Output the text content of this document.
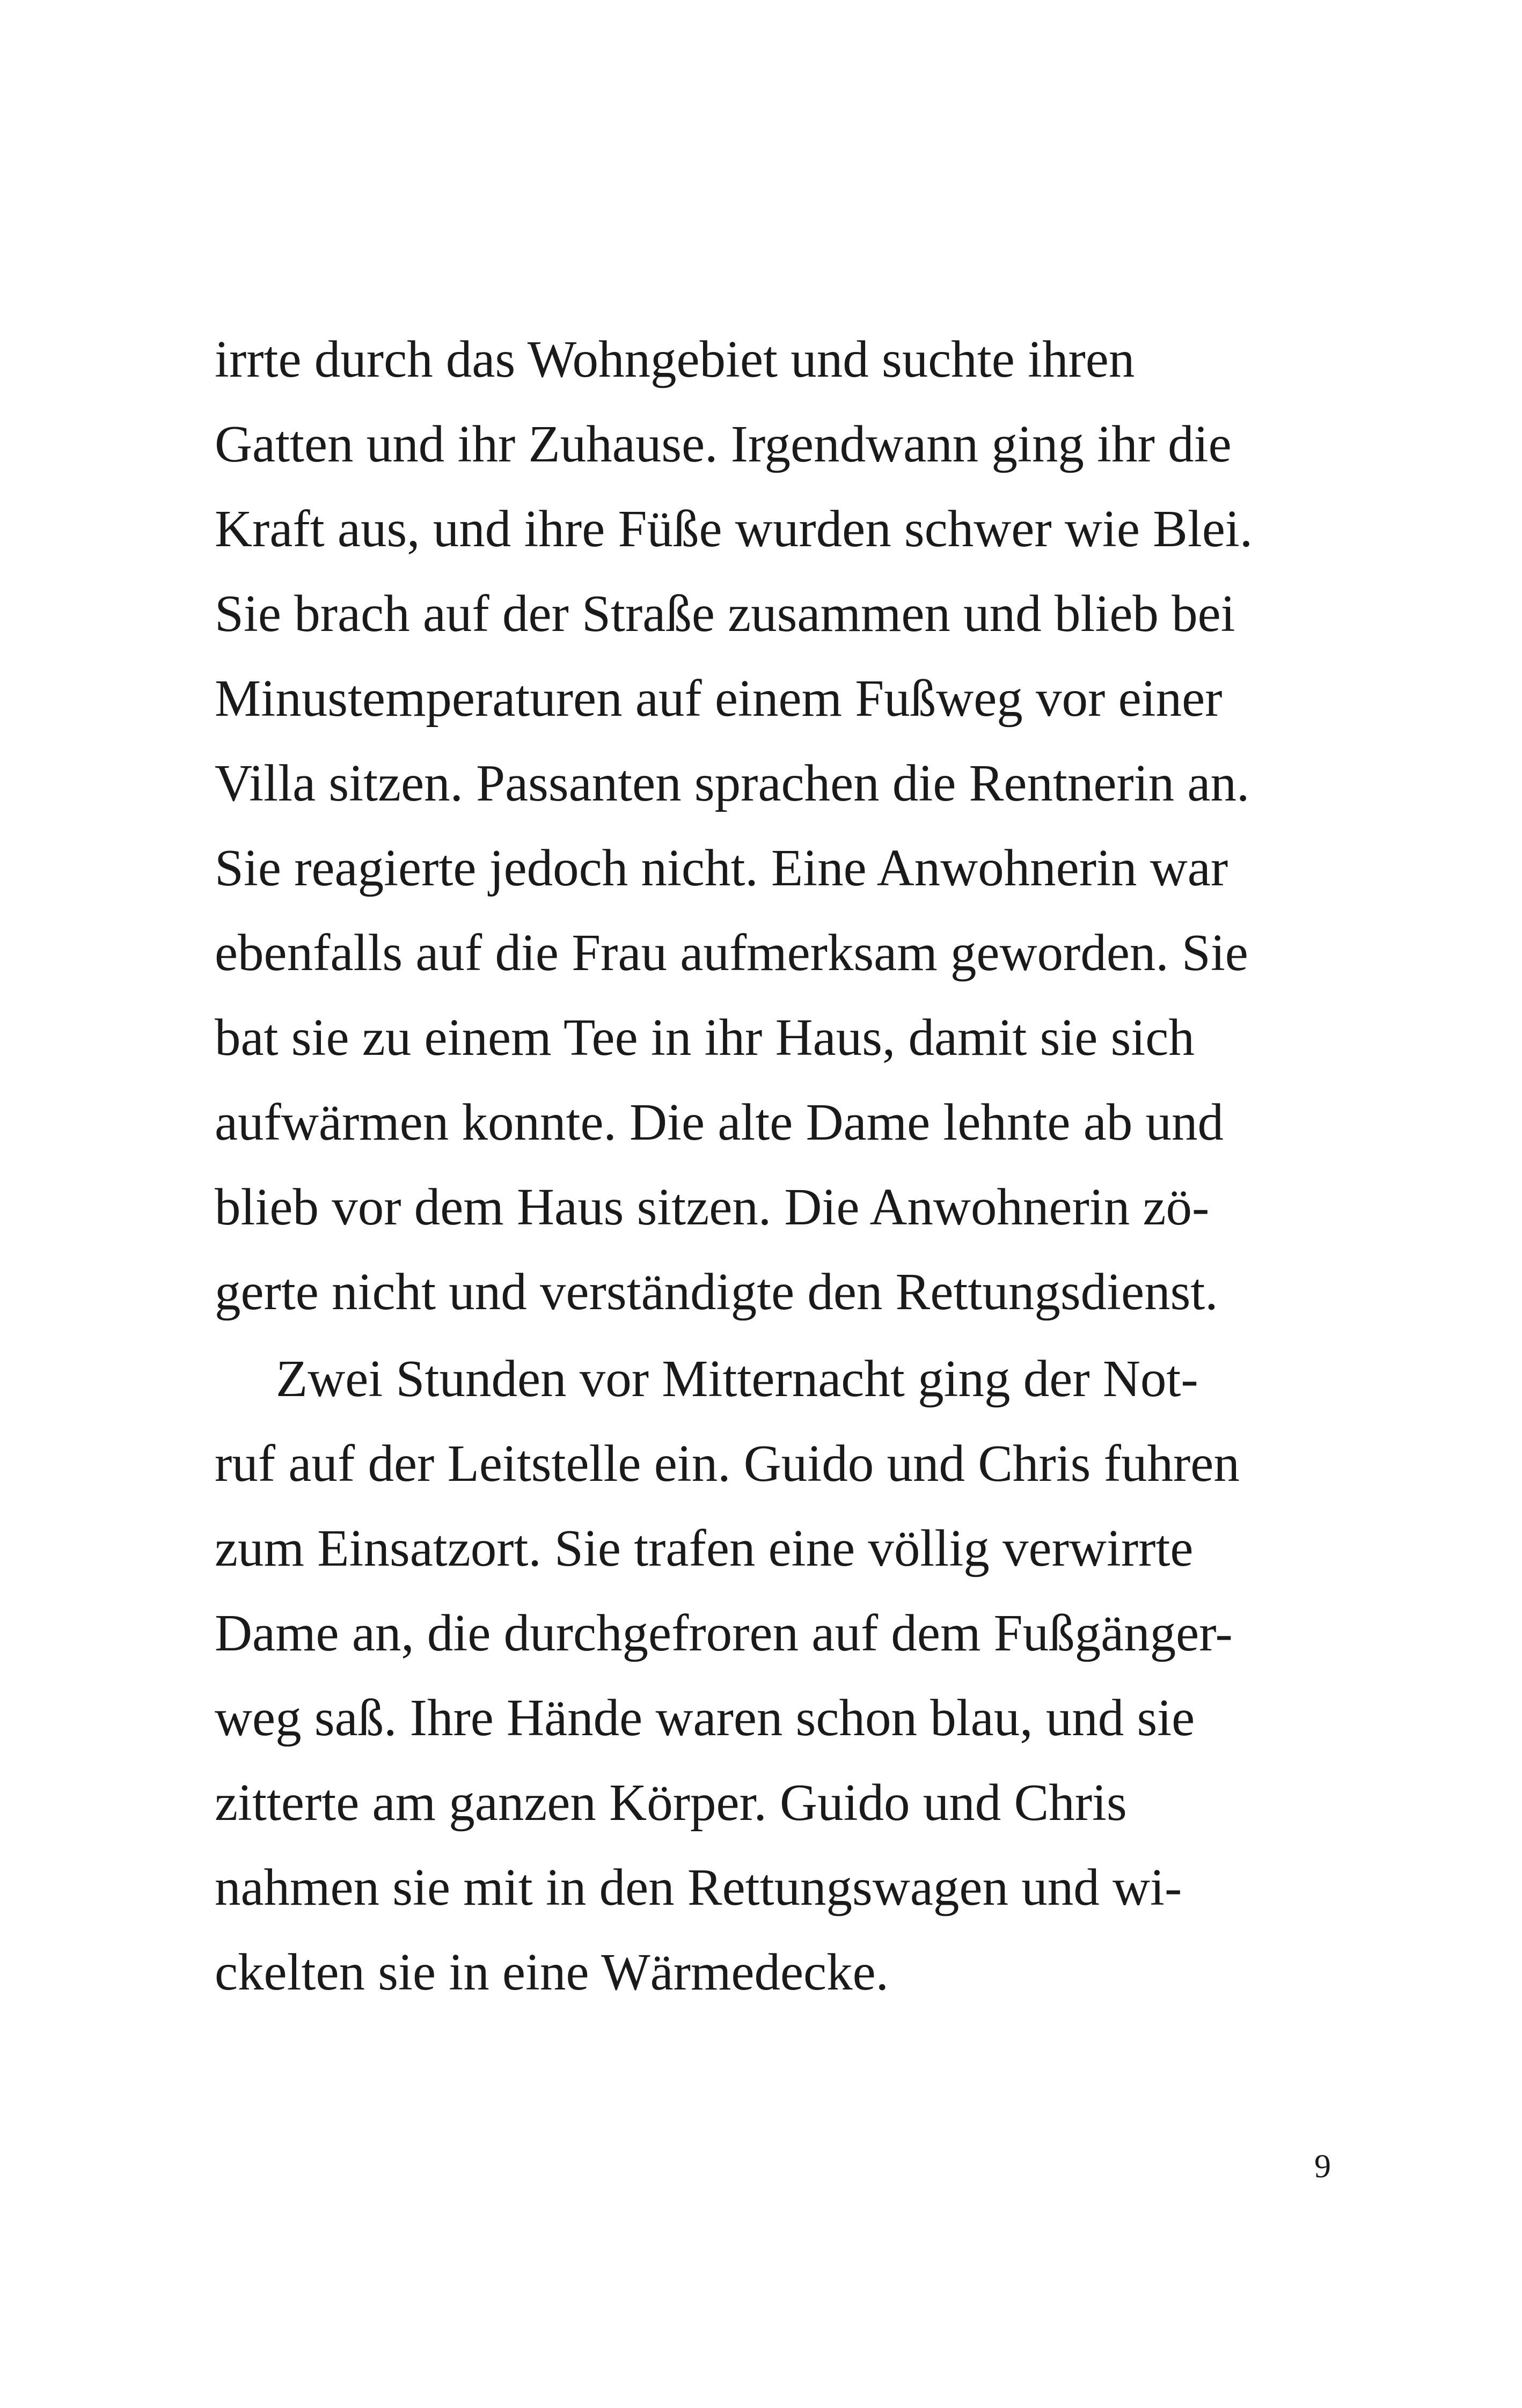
irrte durch das Wohngebiet und suchte ihren
Gatten und ihr Zuhause. Irgendwann ging ihr die
Kraft aus, und ihre Füße wurden schwer wie Blei.
Sie brach auf der Straße zusammen und blieb bei
Minustemperaturen auf einem Fußweg vor einer
Villa sitzen. Passanten sprachen die Rentnerin an.
Sie reagierte jedoch nicht. Eine Anwohnerin war
ebenfalls auf die Frau aufmerksam geworden. Sie
bat sie zu einem Tee in ihr Haus, damit sie sich
aufwärmen konnte. Die alte Dame lehnte ab und
blieb vor dem Haus sitzen. Die Anwohnerin zö-
gerte nicht und verständigte den Rettungsdienst.
Zwei Stunden vor Mitternacht ging der Not-
ruf auf der Leitstelle ein. Guido und Chris fuhren
zum Einsatzort. Sie trafen eine völlig verwirrte
Dame an, die durchgefroren auf dem Fußgänger-
weg saß. Ihre Hände waren schon blau, und sie
zitterte am ganzen Körper. Guido und Chris
nahmen sie mit in den Rettungswagen und wi-
ckelten sie in eine Wärmedecke.
9
